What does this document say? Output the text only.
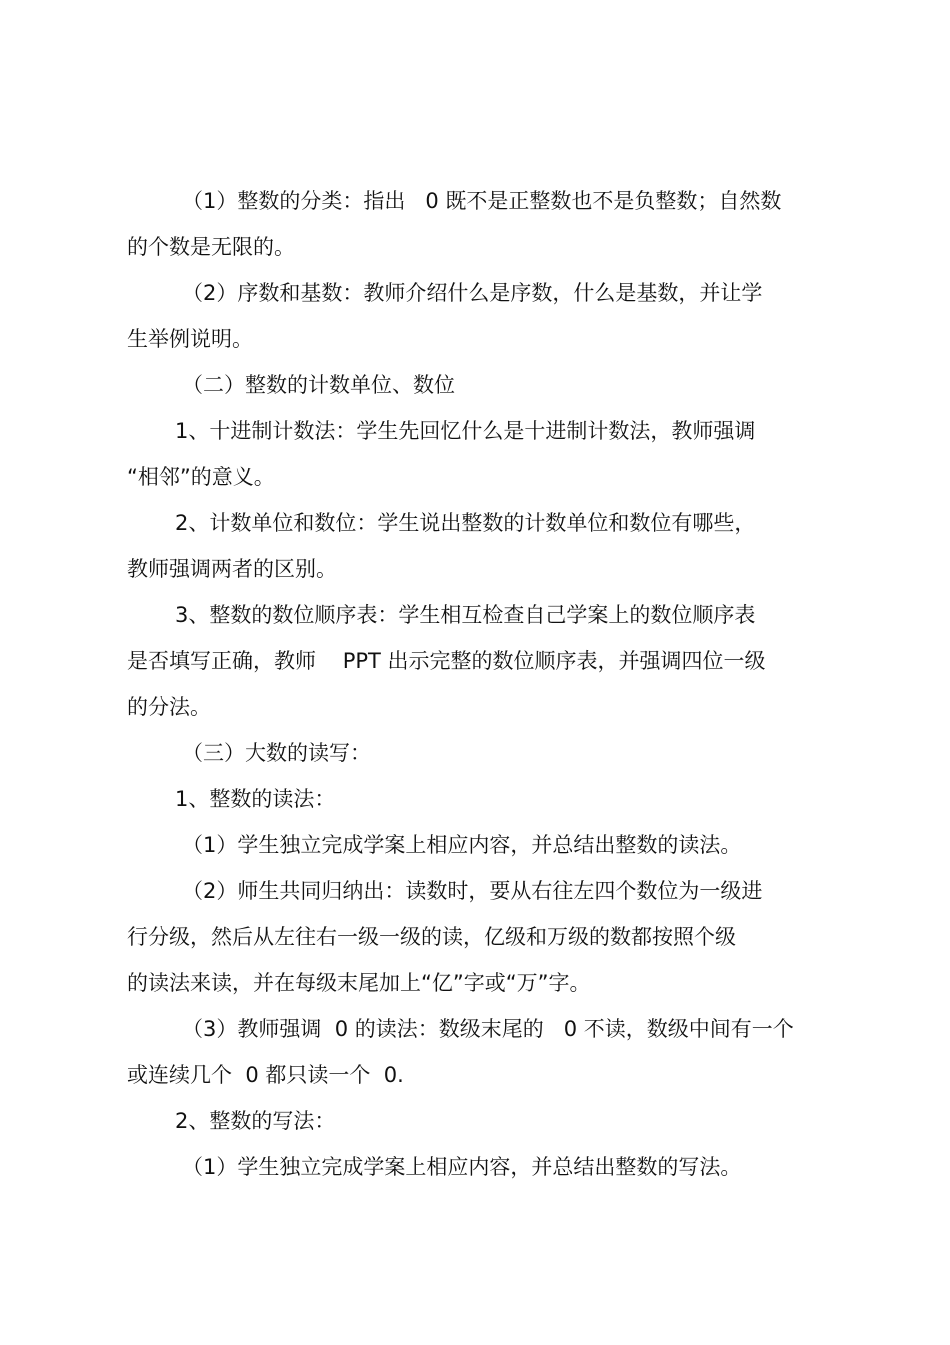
（1）整数的分类：指出   0 既不是正整数也不是负整数；自然数
的个数是无限的。
（2）序数和基数：教师介绍什么是序数，什么是基数，并让学
生举例说明。
（二）整数的计数单位、数位
1、十进制计数法：学生先回忆什么是十进制计数法，教师强调
“相邻”的意义。
2、计数单位和数位：学生说出整数的计数单位和数位有哪些，
教师强调两者的区别。
3、整数的数位顺序表：学生相互检查自己学案上的数位顺序表
是否填写正确，教师    PPT 出示完整的数位顺序表，并强调四位一级
的分法。
（三）大数的读写：
1、整数的读法：
（1）学生独立完成学案上相应内容，并总结出整数的读法。
（2）师生共同归纳出：读数时，要从右往左四个数位为一级进
行分级，然后从左往右一级一级的读，亿级和万级的数都按照个级
的读法来读，并在每级末尾加上“亿”字或“万”字。
（3）教师强调  0 的读法：数级末尾的   0 不读，数级中间有一个
或连续几个  0 都只读一个  0.
2、整数的写法：
（1）学生独立完成学案上相应内容，并总结出整数的写法。
